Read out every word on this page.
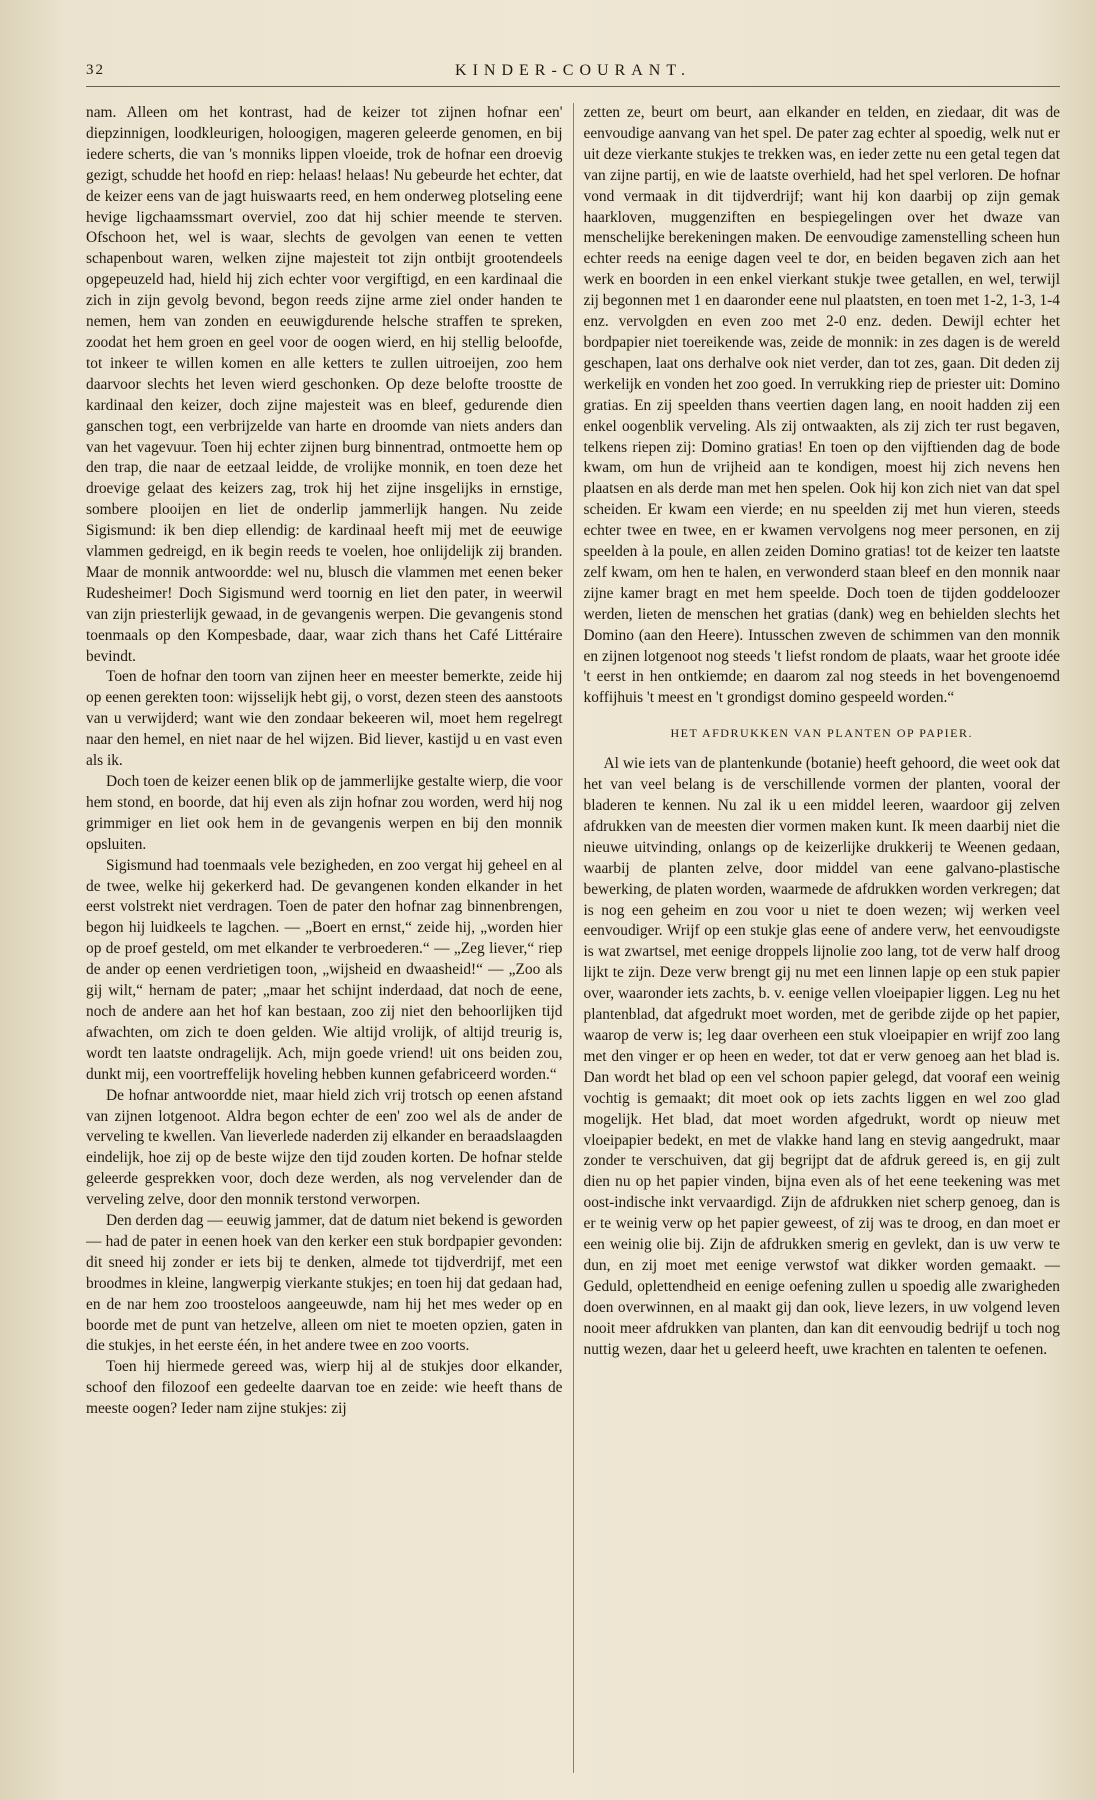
32	KINDER-COURANT.

nam. Alleen om het kontrast, had de keizer tot zijnen hofnar een' diepzinnigen, loodkleurigen, holoogigen, mageren geleerde genomen, en bij iedere scherts, die van 's monniks lippen vloeide, trok de hofnar een droevig gezigt, schudde het hoofd en riep: helaas! helaas! Nu gebeurde het echter, dat de keizer eens van de jagt huiswaarts reed, en hem onderweg plotseling eene hevige ligchaamssmart overviel, zoo dat hij schier meende te sterven. Ofschoon het, wel is waar, slechts de gevolgen van eenen te vetten schapenbout waren, welken zijne majesteit tot zijn ontbijt grootendeels opgepeuzeld had, hield hij zich echter voor vergiftigd, en een kardinaal die zich in zijn gevolg bevond, begon reeds zijne arme ziel onder handen te nemen, hem van zonden en eeuwigdurende helsche straffen te spreken, zoodat het hem groen en geel voor de oogen wierd, en hij stellig beloofde, tot inkeer te willen komen en alle ketters te zullen uitroeijen, zoo hem daarvoor slechts het leven wierd geschonken. Op deze belofte troostte de kardinaal den keizer, doch zijne majesteit was en bleef, gedurende dien ganschen togt, een verbrijzelde van harte en droomde van niets anders dan van het vagevuur. Toen hij echter zijnen burg binnentrad, ontmoette hem op den trap, die naar de eetzaal leidde, de vrolijke monnik, en toen deze het droevige gelaat des keizers zag, trok hij het zijne insgelijks in ernstige, sombere plooijen en liet de onderlip jammerlijk hangen. Nu zeide Sigismund: ik ben diep ellendig: de kardinaal heeft mij met de eeuwige vlammen gedreigd, en ik begin reeds te voelen, hoe onlijdelijk zij branden. Maar de monnik antwoordde: wel nu, blusch die vlammen met eenen beker Rudesheimer! Doch Sigismund werd toornig en liet den pater, in weerwil van zijn priesterlijk gewaad, in de gevangenis werpen. Die gevangenis stond toenmaals op den Kompesbade, daar, waar zich thans het Café Littéraire bevindt.

Toen de hofnar den toorn van zijnen heer en meester bemerkte, zeide hij op eenen gerekten toon: wijsselijk hebt gij, o vorst, dezen steen des aanstoots van u verwijderd; want wie den zondaar bekeeren wil, moet hem regelregt naar den hemel, en niet naar de hel wijzen. Bid liever, kastijd u en vast even als ik.

Doch toen de keizer eenen blik op de jammerlijke gestalte wierp, die voor hem stond, en boorde, dat hij even als zijn hofnar zou worden, werd hij nog grimmiger en liet ook hem in de gevangenis werpen en bij den monnik opsluiten.

Sigismund had toenmaals vele bezigheden, en zoo vergat hij geheel en al de twee, welke hij gekerkerd had. De gevangenen konden elkander in het eerst volstrekt niet verdragen. Toen de pater den hofnar zag binnenbrengen, begon hij luidkeels te lagchen. — „Boert en ernst,“ zeide hij, „worden hier op de proef gesteld, om met elkander te verbroederen.“ — „Zeg liever,“ riep de ander op eenen verdrietigen toon, „wijsheid en dwaasheid!“ — „Zoo als gij wilt,“ hernam de pater; „maar het schijnt inderdaad, dat noch de eene, noch de andere aan het hof kan bestaan, zoo zij niet den behoorlijken tijd afwachten, om zich te doen gelden. Wie altijd vrolijk, of altijd treurig is, wordt ten laatste ondragelijk. Ach, mijn goede vriend! uit ons beiden zou, dunkt mij, een voortreffelijk hoveling hebben kunnen gefabriceerd worden.“

De hofnar antwoordde niet, maar hield zich vrij trotsch op eenen afstand van zijnen lotgenoot. Aldra begon echter de een' zoo wel als de ander de verveling te kwellen. Van lieverlede naderden zij elkander en beraadslaagden eindelijk, hoe zij op de beste wijze den tijd zouden korten. De hofnar stelde geleerde gesprekken voor, doch deze werden, als nog vervelender dan de verveling zelve, door den monnik terstond verworpen.

Den derden dag — eeuwig jammer, dat de datum niet bekend is geworden — had de pater in eenen hoek van den kerker een stuk bordpapier gevonden: dit sneed hij zonder er iets bij te denken, almede tot tijdverdrijf, met een broodmes in kleine, langwerpig vierkante stukjes; en toen hij dat gedaan had, en de nar hem zoo troosteloos aangeeuwde, nam hij het mes weder op en boorde met de punt van hetzelve, alleen om niet te moeten opzien, gaten in die stukjes, in het eerste één, in het andere twee en zoo voorts.

Toen hij hiermede gereed was, wierp hij al de stukjes door elkander, schoof den filozoof een gedeelte daarvan toe en zeide: wie heeft thans de meeste oogen? Ieder nam zijne stukjes: zij

zetten ze, beurt om beurt, aan elkander en telden, en ziedaar, dit was de eenvoudige aanvang van het spel. De pater zag echter al spoedig, welk nut er uit deze vierkante stukjes te trekken was, en ieder zette nu een getal tegen dat van zijne partij, en wie de laatste overhield, had het spel verloren. De hofnar vond vermaak in dit tijdverdrijf; want hij kon daarbij op zijn gemak haarkloven, muggenziften en bespiegelingen over het dwaze van menschelijke berekeningen maken. De eenvoudige zamenstelling scheen hun echter reeds na eenige dagen veel te dor, en beiden begaven zich aan het werk en boorden in een enkel vierkant stukje twee getallen, en wel, terwijl zij begonnen met 1 en daaronder eene nul plaatsten, en toen met 1-2, 1-3, 1-4 enz. vervolgden en even zoo met 2-0 enz. deden. Dewijl echter het bordpapier niet toereikende was, zeide de monnik: in zes dagen is de wereld geschapen, laat ons derhalve ook niet verder, dan tot zes, gaan. Dit deden zij werkelijk en vonden het zoo goed. In verrukking riep de priester uit: Domino gratias. En zij speelden thans veertien dagen lang, en nooit hadden zij een enkel oogenblik verveling. Als zij ontwaakten, als zij zich ter rust begaven, telkens riepen zij: Domino gratias! En toen op den vijftienden dag de bode kwam, om hun de vrijheid aan te kondigen, moest hij zich nevens hen plaatsen en als derde man met hen spelen. Ook hij kon zich niet van dat spel scheiden. Er kwam een vierde; en nu speelden zij met hun vieren, steeds echter twee en twee, en er kwamen vervolgens nog meer personen, en zij speelden à la poule, en allen zeiden Domino gratias! tot de keizer ten laatste zelf kwam, om hen te halen, en verwonderd staan bleef en den monnik naar zijne kamer bragt en met hem speelde. Doch toen de tijden goddeloozer werden, lieten de menschen het gratias (dank) weg en behielden slechts het Domino (aan den Heere). Intusschen zweven de schimmen van den monnik en zijnen lotgenoot nog steeds 't liefst rondom de plaats, waar het groote idée 't eerst in hen ontkiemde; en daarom zal nog steeds in het bovengenoemd koffijhuis 't meest en 't grondigst domino gespeeld worden.“

HET AFDRUKKEN VAN PLANTEN OP PAPIER.

Al wie iets van de plantenkunde (botanie) heeft gehoord, die weet ook dat het van veel belang is de verschillende vormen der planten, vooral der bladeren te kennen. Nu zal ik u een middel leeren, waardoor gij zelven afdrukken van de meesten dier vormen maken kunt. Ik meen daarbij niet die nieuwe uitvinding, onlangs op de keizerlijke drukkerij te Weenen gedaan, waarbij de planten zelve, door middel van eene galvano-plastische bewerking, de platen worden, waarmede de afdrukken worden verkregen; dat is nog een geheim en zou voor u niet te doen wezen; wij werken veel eenvoudiger. Wrijf op een stukje glas eene of andere verw, het eenvoudigste is wat zwartsel, met eenige droppels lijnolie zoo lang, tot de verw half droog lijkt te zijn. Deze verw brengt gij nu met een linnen lapje op een stuk papier over, waaronder iets zachts, b. v. eenige vellen vloeipapier liggen. Leg nu het plantenblad, dat afgedrukt moet worden, met de geribde zijde op het papier, waarop de verw is; leg daar overheen een stuk vloeipapier en wrijf zoo lang met den vinger er op heen en weder, tot dat er verw genoeg aan het blad is. Dan wordt het blad op een vel schoon papier gelegd, dat vooraf een weinig vochtig is gemaakt; dit moet ook op iets zachts liggen en wel zoo glad mogelijk. Het blad, dat moet worden afgedrukt, wordt op nieuw met vloeipapier bedekt, en met de vlakke hand lang en stevig aangedrukt, maar zonder te verschuiven, dat gij begrijpt dat de afdruk gereed is, en gij zult dien nu op het papier vinden, bijna even als of het eene teekening was met oost-indische inkt vervaardigd. Zijn de afdrukken niet scherp genoeg, dan is er te weinig verw op het papier geweest, of zij was te droog, en dan moet er een weinig olie bij. Zijn de afdrukken smerig en gevlekt, dan is uw verw te dun, en zij moet met eenige verwstof wat dikker worden gemaakt. — Geduld, oplettendheid en eenige oefening zullen u spoedig alle zwarigheden doen overwinnen, en al maakt gij dan ook, lieve lezers, in uw volgend leven nooit meer afdrukken van planten, dan kan dit eenvoudig bedrijf u toch nog nuttig wezen, daar het u geleerd heeft, uwe krachten en talenten te oefenen.
